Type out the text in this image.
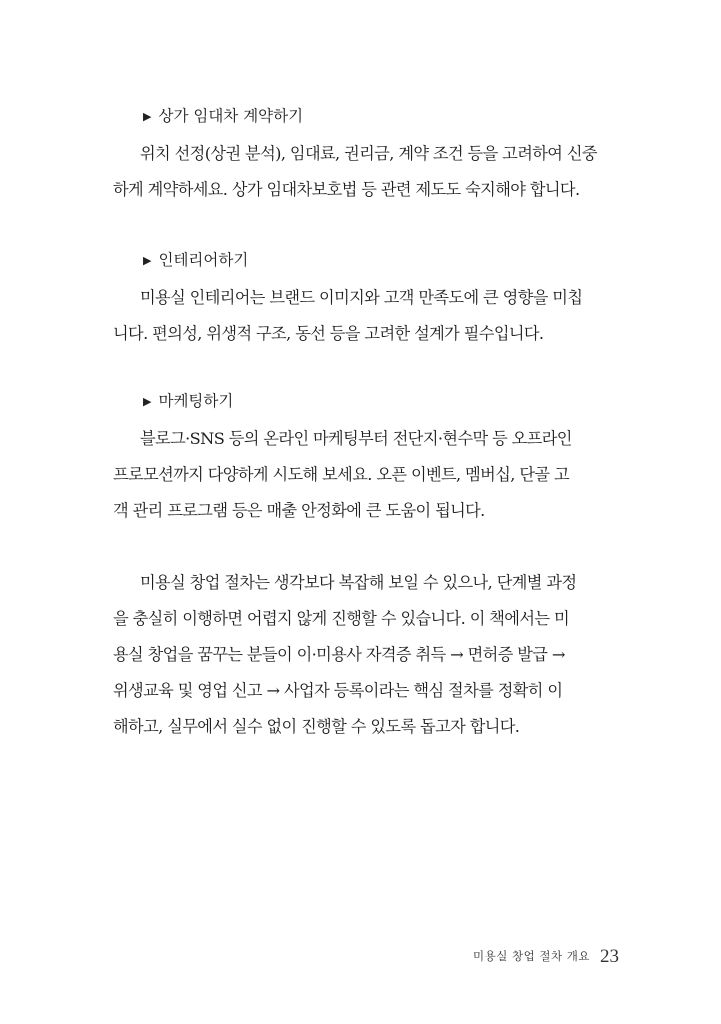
▶ 상가 임대차 계약하기
위치 선정(상권 분석), 임대료, 권리금, 계약 조건 등을 고려하여 신중
하게 계약하세요. 상가 임대차보호법 등 관련 제도도 숙지해야 합니다.
▶ 인테리어하기
미용실 인테리어는 브랜드 이미지와 고객 만족도에 큰 영향을 미칩
니다. 편의성, 위생적 구조, 동선 등을 고려한 설계가 필수입니다.
▶ 마케팅하기
블로그·SNS 등의 온라인 마케팅부터 전단지·현수막 등 오프라인
프로모션까지 다양하게 시도해 보세요. 오픈 이벤트, 멤버십, 단골 고
객 관리 프로그램 등은 매출 안정화에 큰 도움이 됩니다.
미용실 창업 절차는 생각보다 복잡해 보일 수 있으나, 단계별 과정
을 충실히 이행하면 어렵지 않게 진행할 수 있습니다. 이 책에서는 미
용실 창업을 꿈꾸는 분들이 이·미용사 자격증 취득 → 면허증 발급 →
위생교육 및 영업 신고 → 사업자 등록이라는 핵심 절차를 정확히 이
해하고, 실무에서 실수 없이 진행할 수 있도록 돕고자 합니다.
미용실 창업 절차 개요 23
